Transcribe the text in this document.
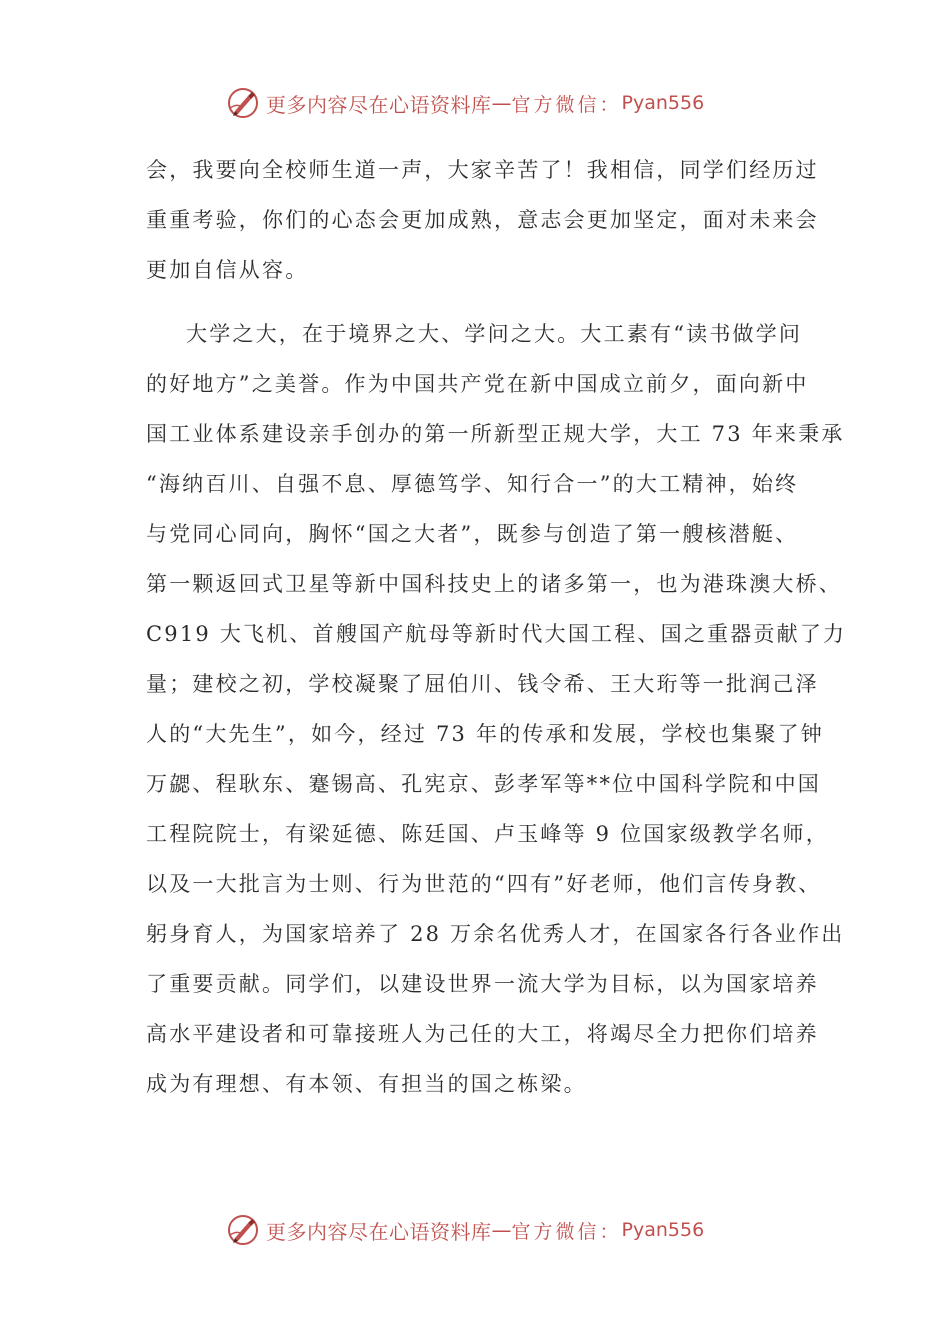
更多内容尽在心语资料库 — 官方微信： Pyan556
会，我要向全校师生道一声，大家辛苦了！我相信，同学们经历过
重重考验，你们的心态会更加成熟，意志会更加坚定，面对未来会
更加自信从容。
大学之大，在于境界之大、学问之大。大工素有“读书做学问
的好地方”之美誉。作为中国共产党在新中国成立前夕，面向新中
国工业体系建设亲手创办的第一所新型正规大学，大工 73 年来秉承
“海纳百川、自强不息、厚德笃学、知行合一”的大工精神，始终
与党同心同向，胸怀“国之大者”，既参与创造了第一艘核潜艇、
第一颗返回式卫星等新中国科技史上的诸多第一，也为港珠澳大桥、
C919 大飞机、首艘国产航母等新时代大国工程、国之重器贡献了力
量；建校之初，学校凝聚了屈伯川、钱令希、王大珩等一批润己泽
人的“大先生”，如今，经过 73 年的传承和发展，学校也集聚了钟
万勰、程耿东、蹇锡高、孔宪京、彭孝军等**位中国科学院和中国
工程院院士，有梁延德、陈廷国、卢玉峰等 9 位国家级教学名师，
以及一大批言为士则、行为世范的“四有”好老师，他们言传身教、
躬身育人，为国家培养了 28 万余名优秀人才，在国家各行各业作出
了重要贡献。同学们，以建设世界一流大学为目标，以为国家培养
高水平建设者和可靠接班人为己任的大工，将竭尽全力把你们培养
成为有理想、有本领、有担当的国之栋梁。
更多内容尽在心语资料库 — 官方微信： Pyan556
